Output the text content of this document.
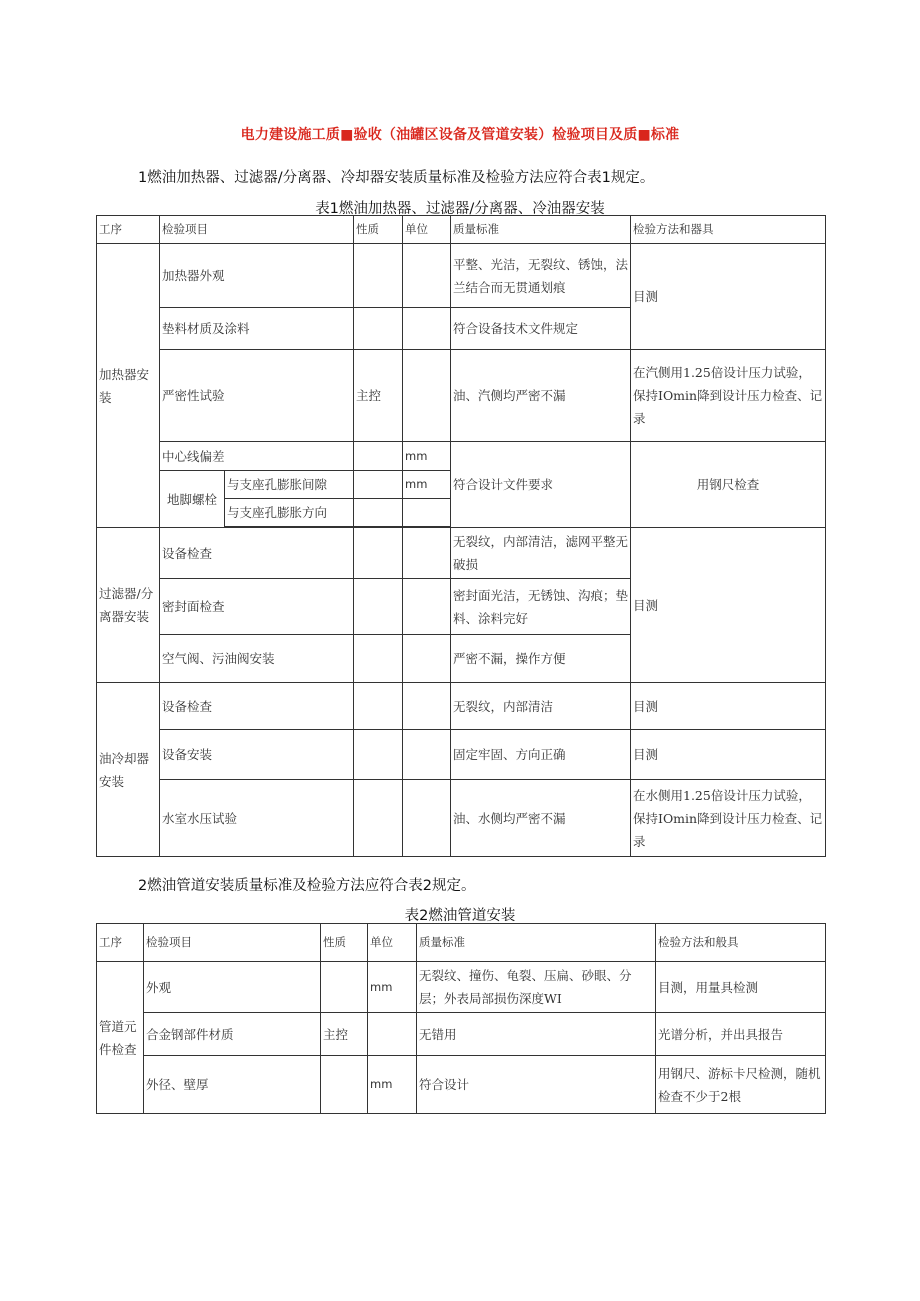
电力建设施工质■验收（油罐区设备及管道安装）检验项目及质■标准
1燃油加热器、过滤器/分离器、冷却器安装质量标准及检验方法应符合表1规定。
表1燃油加热器、过滤器/分离器、冷油器安装
工序	检验项目		性质	单位	质量标准	检验方法和器具
加热器安装	加热器外观				平整、光洁，无裂纹、锈蚀，法兰结合而无贯通划痕	目测
	垫料材质及涂料				符合设备技术文件规定	
	严密性试验		主控		油、汽侧均严密不漏	在汽侧用1.25倍设计压力试验，保持IOmin降到设计压力检查、记录
	中心线偏差			mm	符合设计文件要求	用钢尺检查
	地脚螺栓	与支座孔膨胀间隙		mm		
		与支座孔膨胀方向				

过滤器/分离器安装	设备检查				无裂纹，内部清洁，滤网平整无破损	目测
	密封面检查				密封面光洁，无锈蚀、沟痕；垫料、涂料完好	
	空气阀、污油阀安装				严密不漏，操作方便	
油冷却器安装	设备检查				无裂纹，内部清洁	目测
	设备安装				固定牢固、方向正确	目测
	水室水压试验				油、水侧均严密不漏	在水侧用1.25倍设计压力试验，保持IOmin降到设计压力检查、记录
2燃油管道安装质量标准及检验方法应符合表2规定。
表2燃油管道安装
工序	检验项目	性质	单位	质量标准	检验方法和般具
管道元件检查	外观		mm	无裂纹、撞伤、龟裂、压扁、砂眼、分层；外表局部损伤深度WI	目测，用量具检测
	合金钢部件材质	主控		无错用	光谱分析，并出具报告
	外径、壁厚		mm	符合设计	用钢尺、游标卡尺检测，随机检查不少于2根
